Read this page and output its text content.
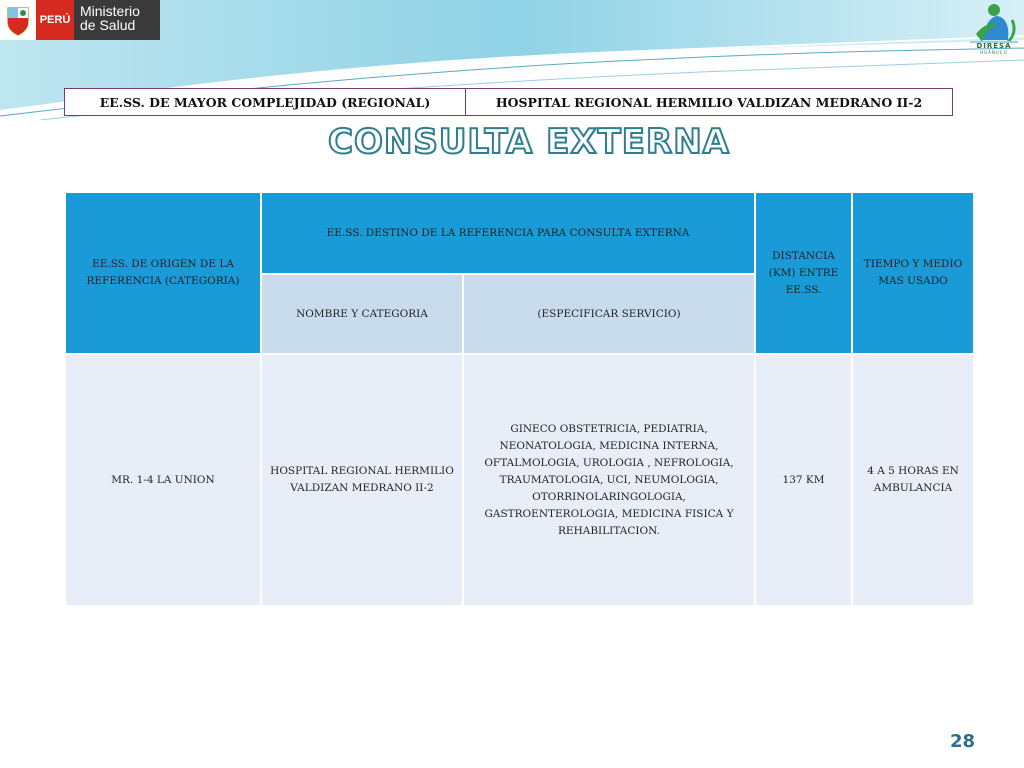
PERÚ
Ministerio
de Salud
DIRESA
HUANUCO
EE.SS. DE MAYOR COMPLEJIDAD (REGIONAL)	HOSPITAL REGIONAL HERMILIO VALDIZAN MEDRANO II-2
CONSULTA EXTERNA
EE.SS. DE ORIGEN DE LA REFERENCIA (CATEGORIA)	EE.SS. DESTINO DE LA REFERENCIA PARA CONSULTA EXTERNA		DISTANCIA (KM) ENTRE EE.SS.	TIEMPO Y MEDIO MAS USADO
	NOMBRE Y CATEGORIA	(ESPECIFICAR SERVICIO)		
MR. 1-4 LA UNION	HOSPITAL REGIONAL HERMILIO VALDIZAN MEDRANO II-2	GINECO OBSTETRICIA, PEDIATRIA, NEONATOLOGIA, MEDICINA INTERNA, OFTALMOLOGIA, UROLOGIA , NEFROLOGIA, TRAUMATOLOGIA, UCI, NEUMOLOGIA, OTORRINOLARINGOLOGIA, GASTROENTEROLOGIA, MEDICINA FISICA Y REHABILITACION.	137 KM	4 A 5 HORAS EN AMBULANCIA
28
